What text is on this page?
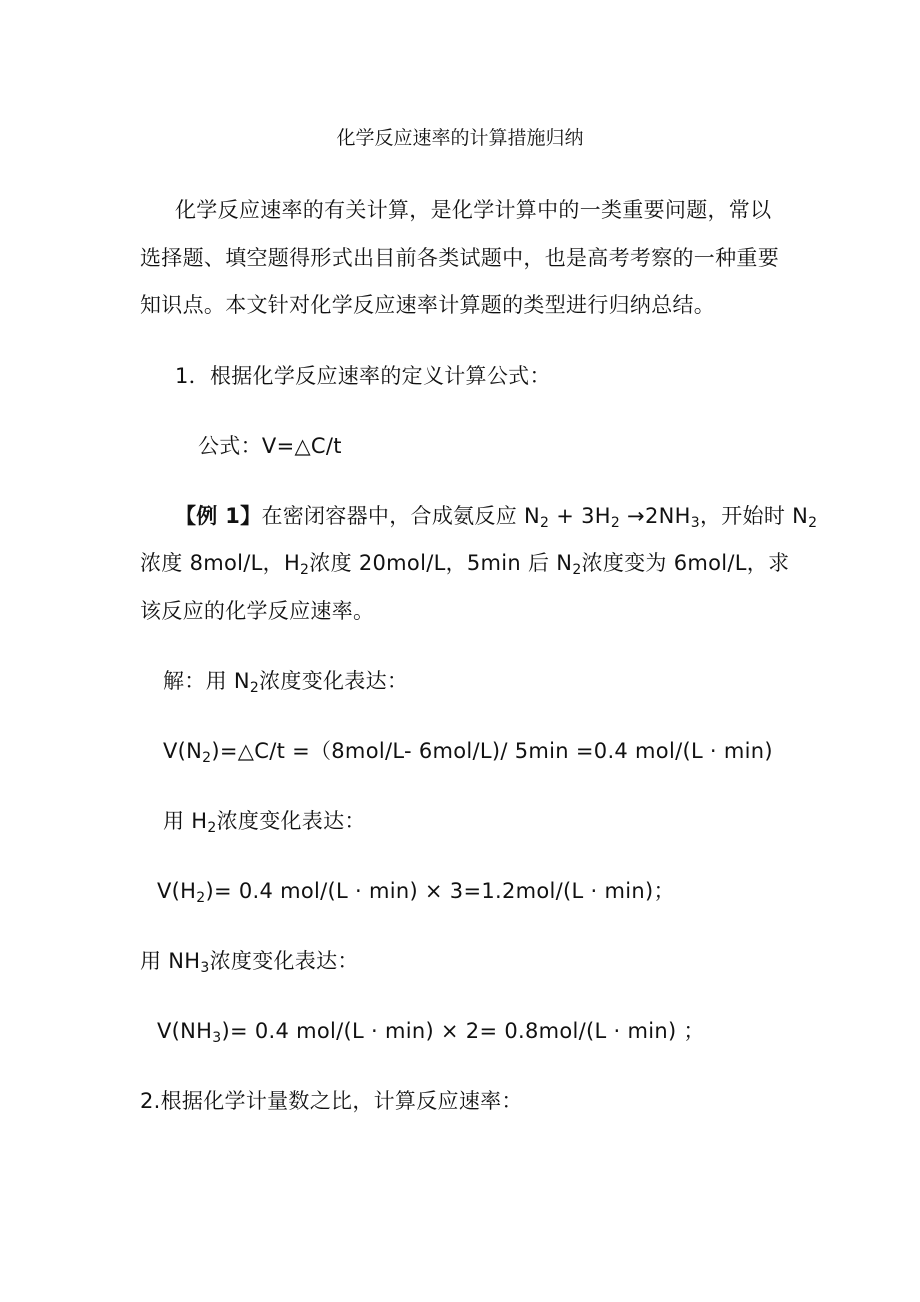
化学反应速率的计算措施归纳
化学反应速率的有关计算，是化学计算中的一类重要问题，常以
选择题、填空题得形式出目前各类试题中，也是高考考察的一种重要
知识点。本文针对化学反应速率计算题的类型进行归纳总结。
1．根据化学反应速率的定义计算公式：
公式：V=△C/t
【例 1】在密闭容器中，合成氨反应 $N_2 + 3H_2 \to 2NH_3$，开始时 $N_2$
浓度 8mol/L，$H_2$浓度 20mol/L，5min 后 $N_2$浓度变为 6mol/L，求
该反应的化学反应速率。
解：用 $N_2$浓度变化表达：
$V(N_2)=\triangle C/t =(8mol/L-$ 6mol/L)/ 5min =0.4 mol/(L · min)
用 $H_2$浓度变化表达：
$V(H_2)= 0.4$ mol/(L · min) × 3=1.2mol/(L · min)；
用 $NH_3$浓度变化表达：
$V(NH_3)= 0.4$ mol/(L · min) × 2= 0.8mol/(L · min) ；
2.根据化学计量数之比，计算反应速率：
